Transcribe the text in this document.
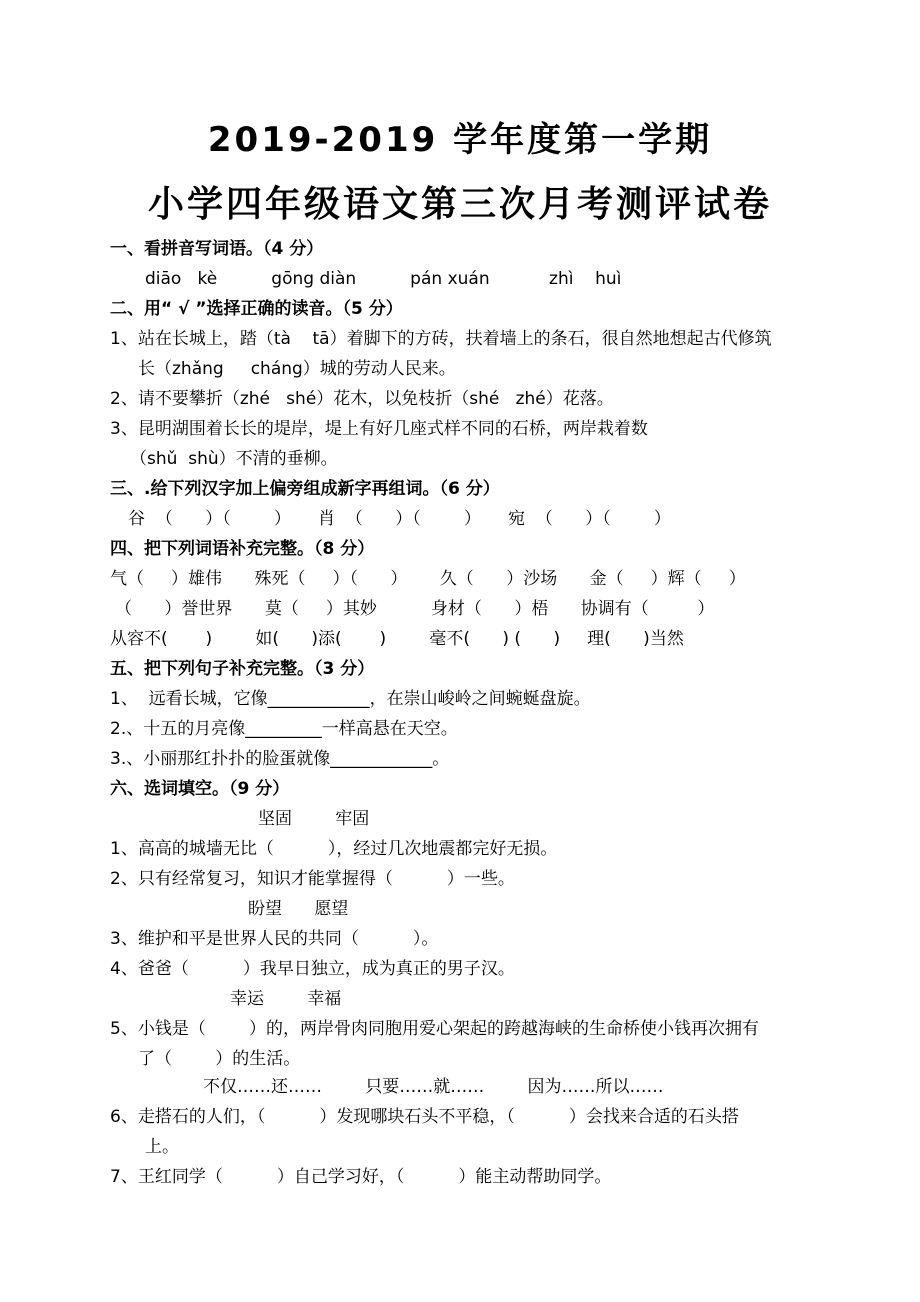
2019-2019 学年度第一学期
小学四年级语文第三次月考测评试卷
一、看拼音写词语。（4 分）
diāo   kè          gōng diàn          pán xuán           zhì    huì
二、用“ √ ”选择正确的读音。（5 分）
1、站在长城上，踏（tà    tā）着脚下的方砖，扶着墙上的条石，很自然地想起古代修筑
长（zhǎng     cháng）城的劳动人民来。
2、请不要攀折（zhé   shé）花木，以免枝折（shé   zhé）花落。
3、昆明湖围着长长的堤岸，堤上有好几座式样不同的石桥，两岸栽着数
（shǔ  shù）不清的垂柳。
三、.给下列汉字加上偏旁组成新字再组词。（6 分）
谷  （      ）（        ）     肖  （      ）（        ）     宛  （      ）（        ）
四、把下列词语补充完整。（8 分）
气（     ）雄伟      殊死（     ）（      ）      久（      ）沙场      金（     ）辉（     ）
（      ）誉世界      莫（     ）其妙          身材（      ）梧      协调有（         ）
从容不(       )        如(      )添(       )        毫不(      ) (      )     理(      )当然
五、把下列句子补充完整。（3 分）
1、  远看长城，它像____________，在崇山峻岭之间蜿蜒盘旋。
2.、十五的月亮像_________一样高悬在天空。
3.、小丽那红扑扑的脸蛋就像____________。
六、选词填空。（9 分）
坚固        牢固
1、高高的城墙无比（          ），经过几次地震都完好无损。
2、只有经常复习，知识才能掌握得（          ）一些。
盼望      愿望
3、维护和平是世界人民的共同（          ）。
4、爸爸（          ）我早日独立，成为真正的男子汉。
幸运        幸福
5、小钱是（        ）的，两岸骨肉同胞用爱心架起的跨越海峡的生命桥使小钱再次拥有
了（        ）的生活。
不仅……还……        只要……就……        因为……所以……
6、走搭石的人们，（          ）发现哪块石头不平稳，（          ）会找来合适的石头搭
上。
7、王红同学（          ）自己学习好，（          ）能主动帮助同学。
